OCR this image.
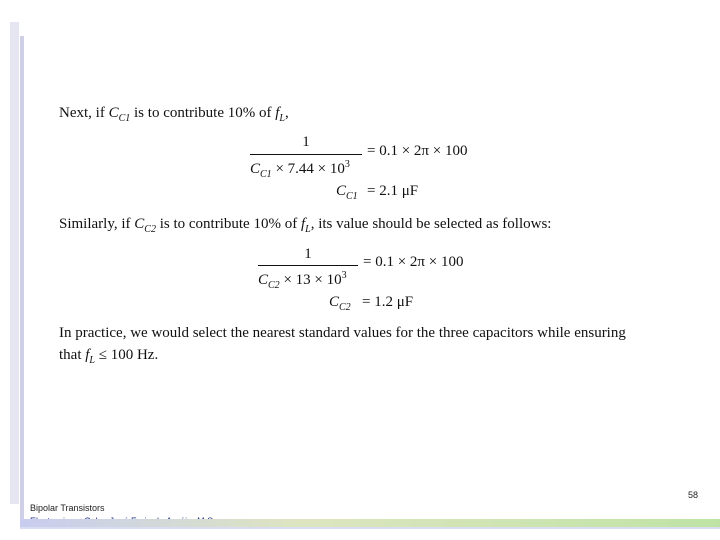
Next, if $C_{C1}$ is to contribute 10% of $f_L$,
1
$C_{C1} \times 7.44 \times 10^3$
= 0.1 × 2π × 100
$C_{C1} = 2.1$ μF
Similarly, if $C_{C2}$ is to contribute 10% of $f_L$, its value should be selected as follows:
1
$C_{C2} \times 13 \times 10^3$
= 0.1 × 2π × 100
$C_{C2} = 1.2$ μF
In practice, we would select the nearest standard values for the three capacitors while ensuring
that $f_L \le 100$ Hz.
58
Bipolar Transistors
